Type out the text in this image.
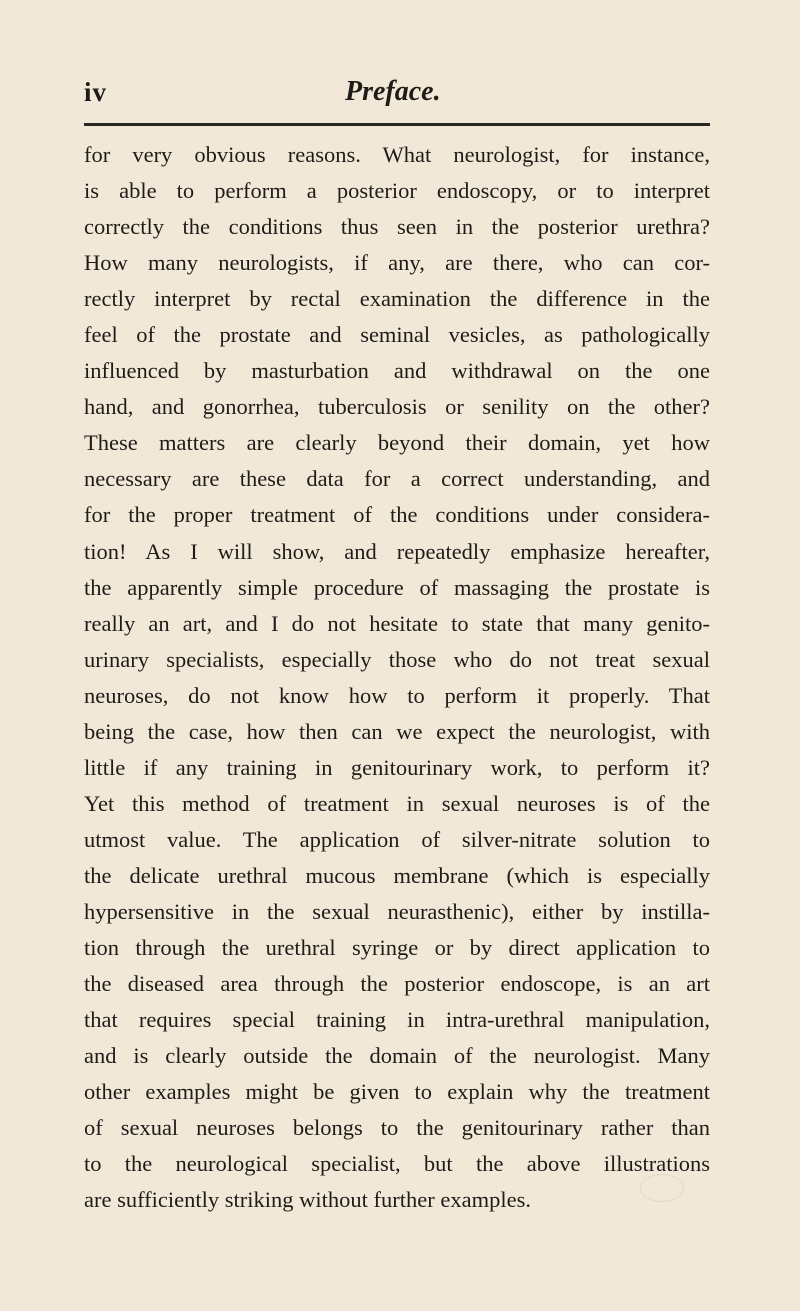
iv	Preface.
for very obvious reasons. What neurologist, for instance,
is able to perform a posterior endoscopy, or to interpret
correctly the conditions thus seen in the posterior urethra?
How many neurologists, if any, are there, who can cor-
rectly interpret by rectal examination the difference in the
feel of the prostate and seminal vesicles, as pathologically
influenced by masturbation and withdrawal on the one
hand, and gonorrhea, tuberculosis or senility on the other?
These matters are clearly beyond their domain, yet how
necessary are these data for a correct understanding, and
for the proper treatment of the conditions under considera-
tion! As I will show, and repeatedly emphasize hereafter,
the apparently simple procedure of massaging the prostate is
really an art, and I do not hesitate to state that many genito-
urinary specialists, especially those who do not treat sexual
neuroses, do not know how to perform it properly. That
being the case, how then can we expect the neurologist, with
little if any training in genitourinary work, to perform it?
Yet this method of treatment in sexual neuroses is of the
utmost value. The application of silver-nitrate solution to
the delicate urethral mucous membrane (which is especially
hypersensitive in the sexual neurasthenic), either by instilla-
tion through the urethral syringe or by direct application to
the diseased area through the posterior endoscope, is an art
that requires special training in intra-urethral manipulation,
and is clearly outside the domain of the neurologist. Many
other examples might be given to explain why the treatment
of sexual neuroses belongs to the genitourinary rather than
to the neurological specialist, but the above illustrations
are sufficiently striking without further examples.
